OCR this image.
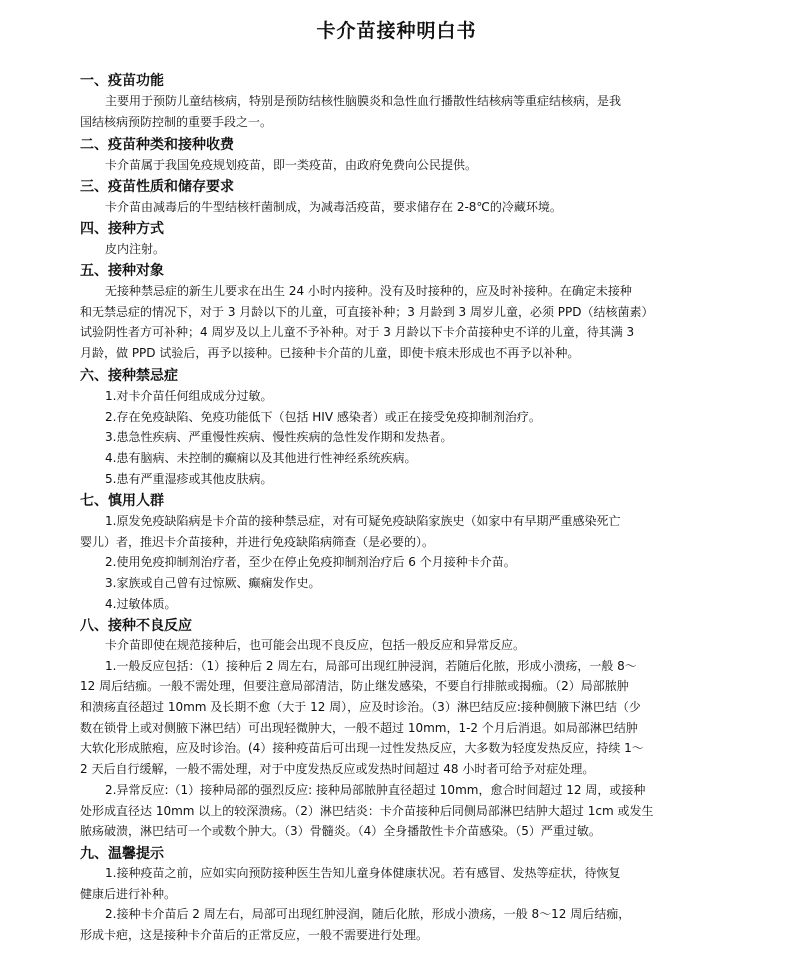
卡介苗接种明白书
一、疫苗功能
主要用于预防儿童结核病，特别是预防结核性脑膜炎和急性血行播散性结核病等重症结核病，是我
国结核病预防控制的重要手段之一。
二、疫苗种类和接种收费
卡介苗属于我国免疫规划疫苗，即一类疫苗，由政府免费向公民提供。
三、疫苗性质和储存要求
卡介苗由减毒后的牛型结核杆菌制成，为减毒活疫苗，要求储存在 2-8℃的冷藏环境。
四、接种方式
皮内注射。
五、接种对象
无接种禁忌症的新生儿要求在出生 24 小时内接种。没有及时接种的，应及时补接种。在确定未接种
和无禁忌症的情况下，对于 3 月龄以下的儿童，可直接补种；3 月龄到 3 周岁儿童，必须 PPD（结核菌素）
试验阴性者方可补种；4 周岁及以上儿童不予补种。对于 3 月龄以下卡介苗接种史不详的儿童，待其满 3
月龄，做 PPD 试验后，再予以接种。已接种卡介苗的儿童，即使卡痕未形成也不再予以补种。
六、接种禁忌症
1.对卡介苗任何组成成分过敏。
2.存在免疫缺陷、免疫功能低下（包括 HIV 感染者）或正在接受免疫抑制剂治疗。
3.患急性疾病、严重慢性疾病、慢性疾病的急性发作期和发热者。
4.患有脑病、未控制的癫痫以及其他进行性神经系统疾病。
5.患有严重湿疹或其他皮肤病。
七、慎用人群
1.原发免疫缺陷病是卡介苗的接种禁忌症，对有可疑免疫缺陷家族史（如家中有早期严重感染死亡
婴儿）者，推迟卡介苗接种，并进行免疫缺陷病筛查（是必要的）。
2.使用免疫抑制剂治疗者，至少在停止免疫抑制剂治疗后 6 个月接种卡介苗。
3.家族或自己曾有过惊厥、癫痫发作史。
4.过敏体质。
八、接种不良反应
卡介苗即使在规范接种后，也可能会出现不良反应，包括一般反应和异常反应。
1.一般反应包括：（1）接种后 2 周左右，局部可出现红肿浸润，若随后化脓，形成小溃疡，一般 8～
12 周后结痂。一般不需处理，但要注意局部清洁，防止继发感染，不要自行排脓或揭痂。（2）局部脓肿
和溃疡直径超过 10mm 及长期不愈（大于 12 周），应及时诊治。（3）淋巴结反应:接种侧腋下淋巴结（少
数在锁骨上或对侧腋下淋巴结）可出现轻微肿大，一般不超过 10mm，1-2 个月后消退。如局部淋巴结肿
大软化形成脓疱，应及时诊治。(4）接种疫苗后可出现一过性发热反应，大多数为轻度发热反应，持续 1～
2 天后自行缓解，一般不需处理，对于中度发热反应或发热时间超过 48 小时者可给予对症处理。
2.异常反应:（1）接种局部的强烈反应: 接种局部脓肿直径超过 10mm，愈合时间超过 12 周，或接种
处形成直径达 10mm 以上的较深溃疡。（2）淋巴结炎：卡介苗接种后同侧局部淋巴结肿大超过 1cm 或发生
脓疡破溃，淋巴结可一个或数个肿大。（3）骨髓炎。（4）全身播散性卡介苗感染。（5）严重过敏。
九、温馨提示
1.接种疫苗之前，应如实向预防接种医生告知儿童身体健康状况。若有感冒、发热等症状，待恢复
健康后进行补种。
2.接种卡介苗后 2 周左右，局部可出现红肿浸润，随后化脓，形成小溃疡，一般 8～12 周后结痂，
形成卡疤，这是接种卡介苗后的正常反应，一般不需要进行处理。
